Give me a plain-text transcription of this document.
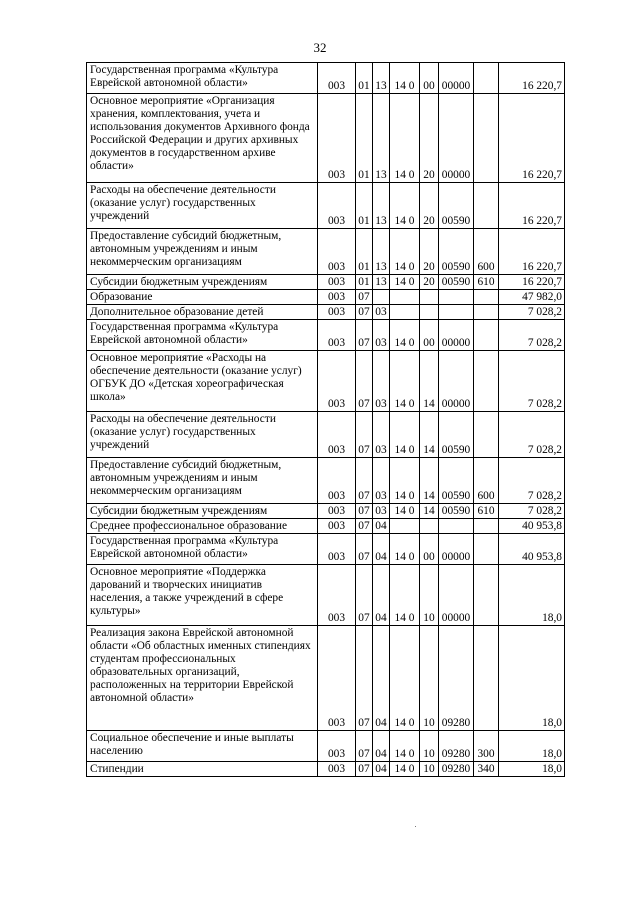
32
Государственная программа «Культура Еврейской автономной области»	003	01	13	14 0	00	00000		16 220,7
Основное мероприятие «Организация хранения, комплектования, учета и использования документов Архивного фонда Российской Федерации и других архивных документов в государственном архиве области»	003	01	13	14 0	20	00000		16 220,7
Расходы на обеспечение деятельности (оказание услуг) государственных учреждений	003	01	13	14 0	20	00590		16 220,7
Предоставление субсидий бюджетным, автономным учреждениям и иным некоммерческим организациям	003	01	13	14 0	20	00590	600	16 220,7
Субсидии бюджетным учреждениям	003	01	13	14 0	20	00590	610	16 220,7
Образование	003	07						47 982,0
Дополнительное образование детей	003	07	03					7 028,2
Государственная программа «Культура Еврейской автономной области»	003	07	03	14 0	00	00000		7 028,2
Основное мероприятие «Расходы на обеспечение деятельности (оказание услуг) ОГБУК ДО «Детская хореографическая школа»	003	07	03	14 0	14	00000		7 028,2
Расходы на обеспечение деятельности (оказание услуг) государственных учреждений	003	07	03	14 0	14	00590		7 028,2
Предоставление субсидий бюджетным, автономным учреждениям и иным некоммерческим организациям	003	07	03	14 0	14	00590	600	7 028,2
Субсидии бюджетным учреждениям	003	07	03	14 0	14	00590	610	7 028,2
Среднее профессиональное образование	003	07	04					40 953,8
Государственная программа «Культура Еврейской автономной области»	003	07	04	14 0	00	00000		40 953,8
Основное мероприятие «Поддержка дарований и творческих инициатив населения, а также учреждений в сфере культуры»	003	07	04	14 0	10	00000		18,0
Реализация закона Еврейской автономной области «Об областных именных стипендиях студентам профессиональных образовательных организаций, расположенных на территории Еврейской автономной области»	003	07	04	14 0	10	09280		18,0
Социальное обеспечение и иные выплаты населению	003	07	04	14 0	10	09280	300	18,0
Стипендии	003	07	04	14 0	10	09280	340	18,0
